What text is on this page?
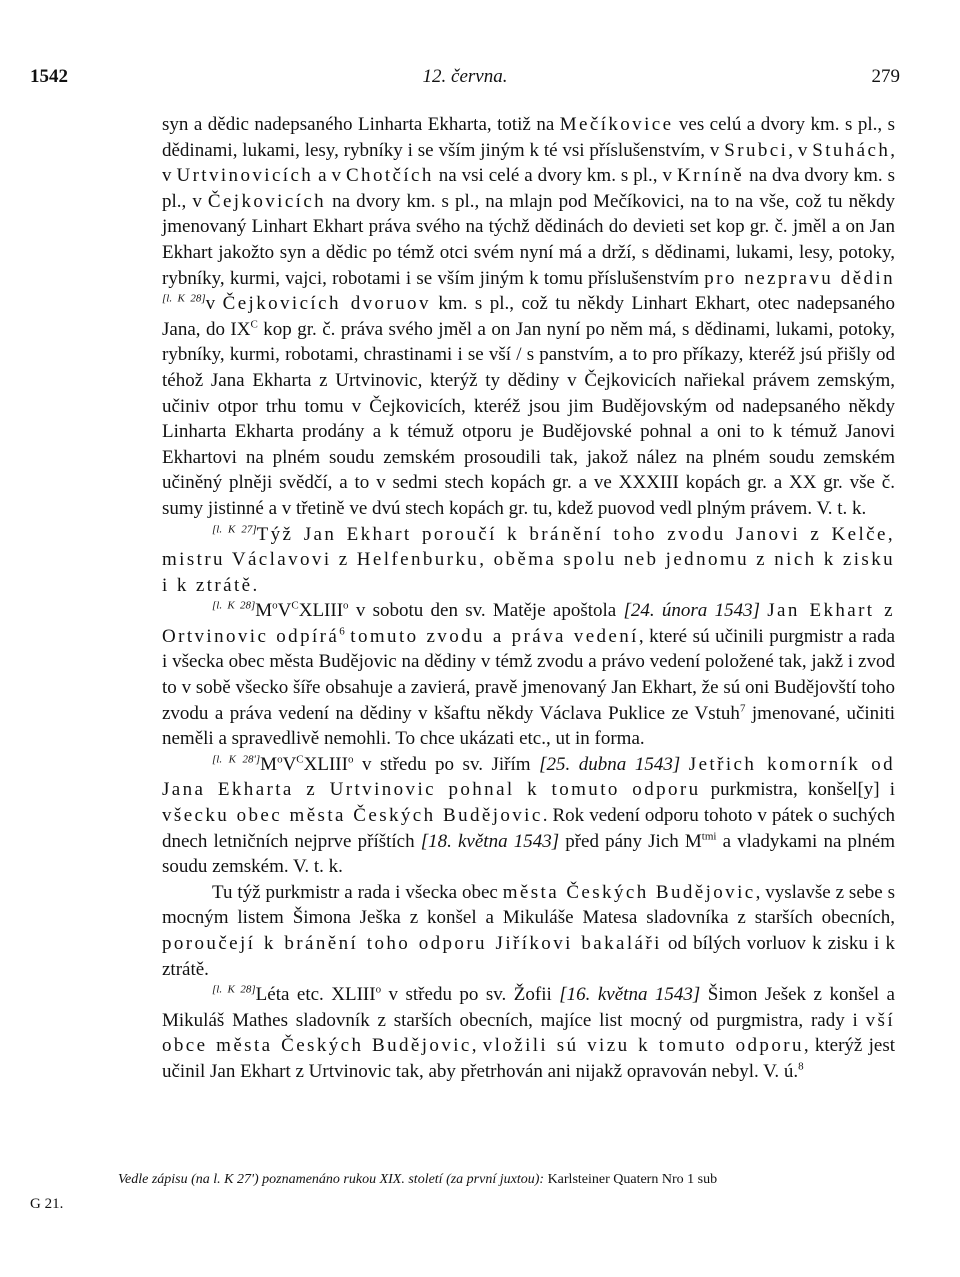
1542	12. června.	279

syn a dědic nadepsaného Linharta Ekharta, totiž na Mečíkovice ves celú a dvory km. s pl., s dědinami, lukami, lesy, rybníky i se vším jiným k té vsi příslušenstvím, v Srubci, v Stuhách, v Urtvinovicích a v Chotčích na vsi celé a dvory km. s pl., v Krníně na dva dvory km. s pl., v Čejkovicích na dvory km. s pl., na mlajn pod Mečíkovici, na to na vše, což tu někdy jmenovaný Linhart Ekhart práva svého na týchž dědinách do devieti set kop gr. č. jměl a on Jan Ekhart jakožto syn a dědic po témž otci svém nyní má a drží, s dědinami, lukami, lesy, potoky, rybníky, kurmi, vajci, robotami i se vším jiným k tomu příslušenstvím pro nezpravu dědin [l. K 28]v Čejkovicích dvoruov km. s pl., což tu někdy Linhart Ekhart, otec nadepsaného Jana, do $IX^C$ kop gr. č. práva svého jměl a on Jan nyní po něm má, s dědinami, lukami, potoky, rybníky, kurmi, robotami, chrastinami i se vší / s panstvím, a to pro příkazy, kteréž jsú přišly od téhož Jana Ekharta z Urtvinovic, kterýž ty dědiny v Čejkovicích nařiekal právem zemským, učiniv otpor trhu tomu v Čejkovicích, kteréž jsou jim Budějovským od nadepsaného někdy Linharta Ekharta prodány a k témuž otporu je Budějovské pohnal a oni to k témuž Janovi Ekhartovi na plném soudu zemském prosoudili tak, jakož nález na plném soudu zemském učiněný plněji svědčí, a to v sedmi stech kopách gr. a ve XXXIII kopách gr. a XX gr. vše č. sumy jistinné a v třetině ve dvú stech kopách gr. tu, kdež puovod vedl plným právem. V. t. k.

[l. K 27]Týž Jan Ekhart poroučí k bránění toho zvodu Janovi z Kelče, mistru Václavovi z Helfenburku, oběma spolu neb jednomu z nich k zisku i k ztrátě.

$[l. K 28]M^oV^CXLIII^o$ v sobotu den sv. Matěje apoštola [24. února 1543] Jan Ekhart z Ortvinovic odpírá$^6$ tomuto zvodu a práva vedení, které sú učinili purgmistr a rada i všecka obec města Budějovic na dědiny v témž zvodu a právo vedení položené tak, jakž i zvod to v sobě všecko šíře obsahuje a zavierá, pravě jmenovaný Jan Ekhart, že sú oni Budějovští toho zvodu a práva vedení na dědiny v kšaftu někdy Václava Puklice ze Vstuh$^7$ jmenované, učiniti neměli a spravedlivě nemohli. To chce ukázati etc., ut in forma.

$[l. K 28']M^oV^CXLIII^o$ v středu po sv. Jiřím [25. dubna 1543] Jetřich komorník od Jana Ekharta z Urtvinovic pohnal k tomuto odporu purkmistra, konšel[y] i všecku obec města Českých Budějovic. Rok vedení odporu tohoto v pátek o suchých dnech letničních nejprve příštích [18. května 1543] před pány Jich $M^{tmi}$ a vladykami na plném soudu zemském. V. t. k.

Tu týž purkmistr a rada i všecka obec města Českých Budějovic, vyslavše z sebe s mocným listem Šimona Ješka z konšel a Mikuláše Matesa sladovníka z starších obecních, poroučejí k bránění toho odporu Jiříkovi bakaláři od bílých vorluov k zisku i k ztrátě.

[l. K 28]Léta etc. XLIII$^o$ v středu po sv. Žofii [16. května 1543] Šimon Ješek z konšel a Mikuláš Mathes sladovník z starších obecních, majíce list mocný od purgmistra, rady i vší obce města Českých Budějovic, vložili sú vizu k tomuto odporu, kterýž jest učinil Jan Ekhart z Urtvinovic tak, aby přetrhován ani nijakž opravován nebyl. V. ú.$^8$

Vedle zápisu (na l. K 27') poznamenáno rukou XIX. století (za první juxtou): Karlsteiner Quatern Nro 1 sub
G 21.
